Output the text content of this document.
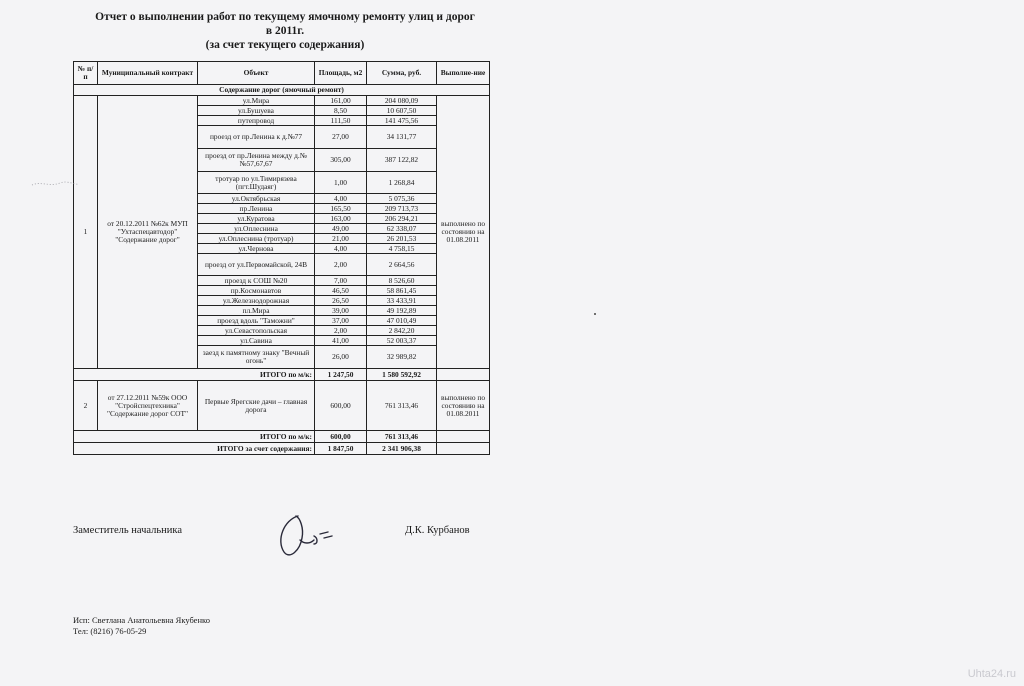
Отчет о выполнении работ по текущему ямочному ремонту улиц и дорог
в 2011г.
(за счет текущего содержания)
№ п/п	Муниципальный контракт	Объект	Площадь, м2	Сумма, руб.	Выполне-ние
Содержание дорог (ямочный ремонт)					
1	от 20.12.2011 №62к МУП "Ухтаспецавтодор" "Содержание дорог"	ул.Мира	161,00	204 080,09	выполнено по состоянию на 01.08.2011
		ул.Бушуева	8,50	10 607,50	
		путепровод	111,50	141 475,56	
		проезд от пр.Ленина к д.№77	27,00	34 131,77	
		проезд от пр.Ленина между д.№№57,67,67	305,00	387 122,82	
		тротуар по ул.Тимирязева (пгт.Шудаяг)	1,00	1 268,84	
		ул.Октябрьская	4,00	5 075,36	
		пр.Ленина	165,50	209 713,73	
		ул.Куратова	163,00	206 294,21	
		ул.Оплеснина	49,00	62 338,07	
		ул.Оплеснина (тротуар)	21,00	26 201,53	
		ул.Чернова	4,00	4 758,15	
		проезд от ул.Первомайской, 24В	2,00	2 664,56	
		проезд к СОШ №20	7,00	8 526,60	
		пр.Космонавтов	46,50	58 861,45	
		ул.Железнодорожная	26,50	33 433,91	
		пл.Мира	39,00	49 192,89	
		проезд вдоль "Таможни"	37,00	47 010,49	
		ул.Севастопольская	2,00	2 842,20	
		ул.Савина	41,00	52 003,37	
		заезд к памятному знаку "Вечный огонь"	26,00	32 989,82	
ИТОГО по м/к:			1 247,50	1 580 592,92	
2	от 27.12.2011 №59к ООО "Стройспецтехника" "Содержание дорог СОТ"	Первые Ярегские дачи – главная дорога	600,00	761 313,46	выполнено по состоянию на 01.08.2011
ИТОГО по м/к:			600,00	761 313,46	
ИТОГО за счет содержания:			1 847,50	2 341 906,38	
Заместитель начальника	Д.К. Курбанов
Исп: Светлана Анатольевна Якубенко
Тел: (8216) 76-05-29
Uhta24.ru
